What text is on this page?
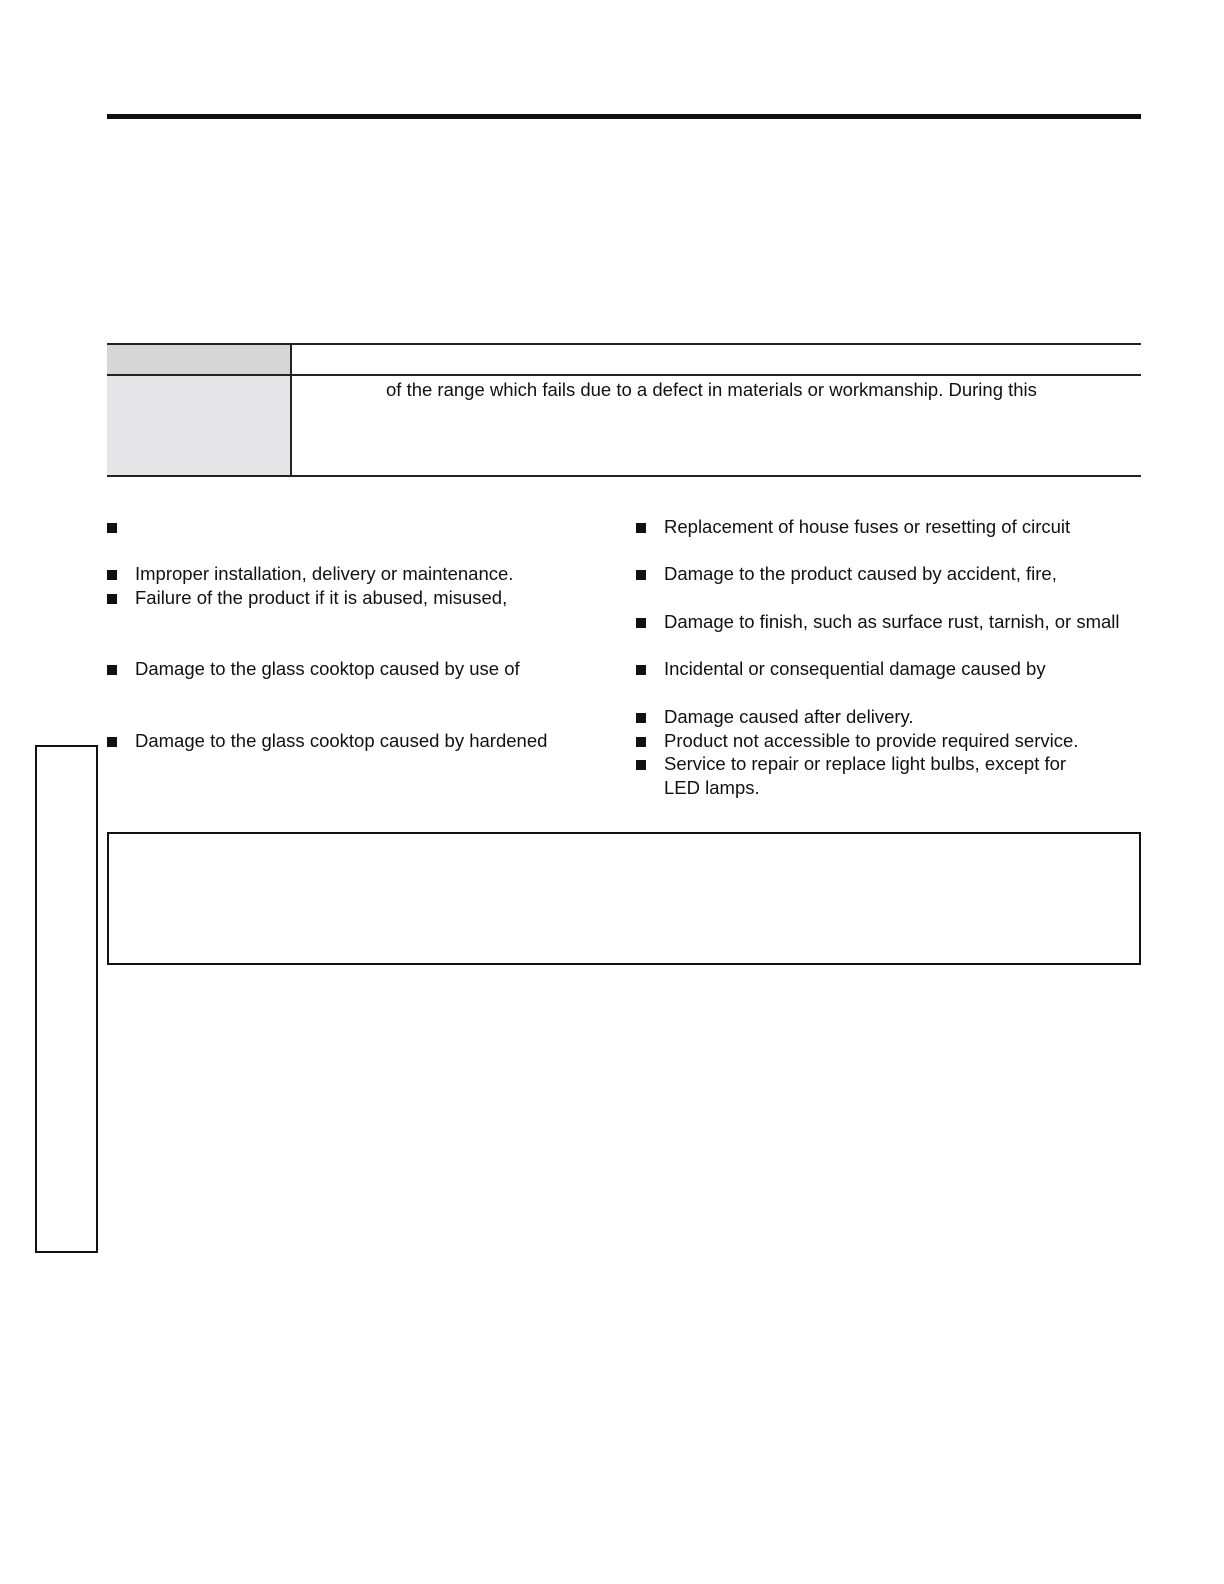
of the range which fails due to a defect in materials or workmanship. During this
Improper installation, delivery or maintenance.
Failure of the product if it is abused, misused,
Damage to the glass cooktop caused by use of
Damage to the glass cooktop caused by hardened
Replacement of house fuses or resetting of circuit
Damage to the product caused by accident, fire,
Damage to finish, such as surface rust, tarnish, or small
Incidental or consequential damage caused by
Damage caused after delivery.
Product not accessible to provide required service.
Service to repair or replace light bulbs, except for
LED lamps.
